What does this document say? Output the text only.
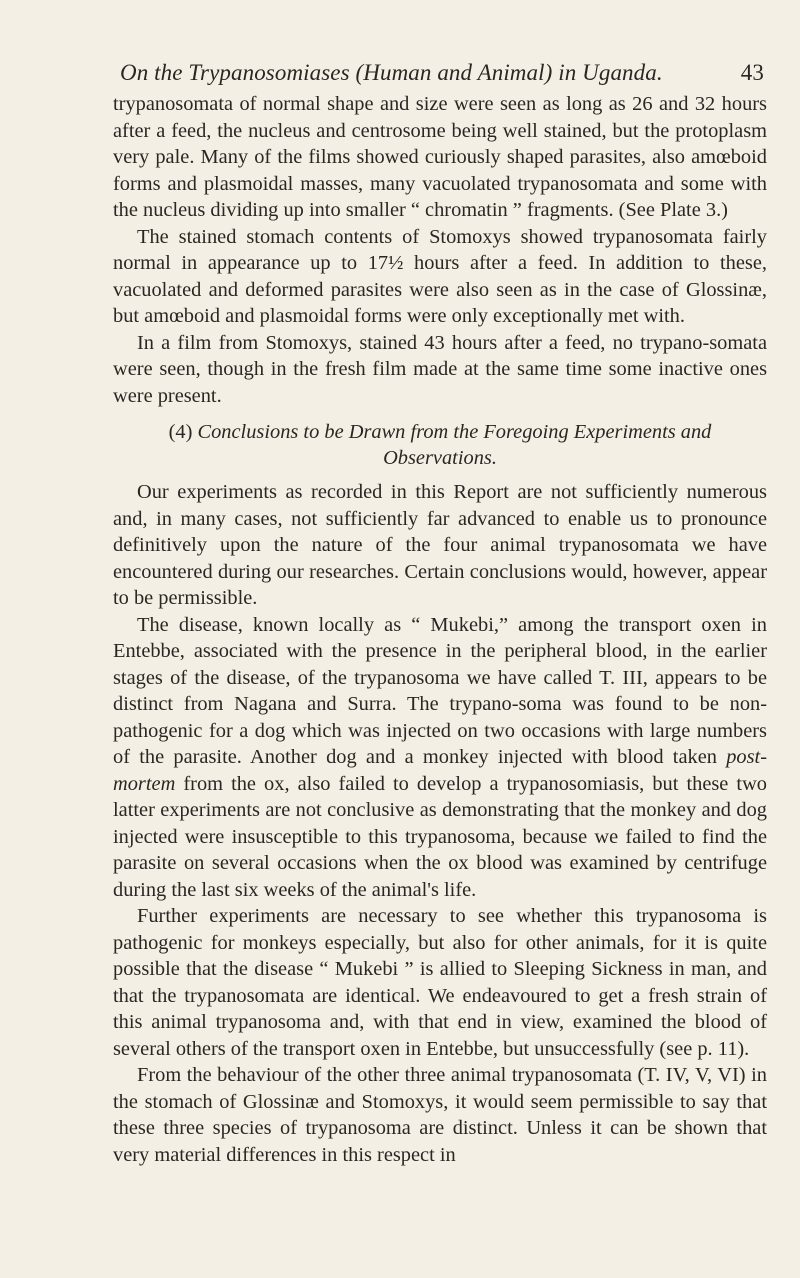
On the Trypanosomiases (Human and Animal) in Uganda.	43

trypanosomata of normal shape and size were seen as long as 26 and 32 hours after a feed, the nucleus and centrosome being well stained, but the protoplasm very pale. Many of the films showed curiously shaped parasites, also amœboid forms and plasmoidal masses, many vacuolated trypanosomata and some with the nucleus dividing up into smaller “ chromatin ” fragments. (See Plate 3.)

The stained stomach contents of Stomoxys showed trypanosomata fairly normal in appearance up to 17½ hours after a feed. In addition to these, vacuolated and deformed parasites were also seen as in the case of Glossinæ, but amœboid and plasmoidal forms were only exceptionally met with.

In a film from Stomoxys, stained 43 hours after a feed, no trypano-somata were seen, though in the fresh film made at the same time some inactive ones were present.

(4) Conclusions to be Drawn from the Foregoing Experiments and
Observations.

Our experiments as recorded in this Report are not sufficiently numerous and, in many cases, not sufficiently far advanced to enable us to pronounce definitively upon the nature of the four animal trypanosomata we have encountered during our researches. Certain conclusions would, however, appear to be permissible.

The disease, known locally as “ Mukebi,” among the transport oxen in Entebbe, associated with the presence in the peripheral blood, in the earlier stages of the disease, of the trypanosoma we have called T. III, appears to be distinct from Nagana and Surra. The trypano-soma was found to be non-pathogenic for a dog which was injected on two occasions with large numbers of the parasite. Another dog and a monkey injected with blood taken post-mortem from the ox, also failed to develop a trypanosomiasis, but these two latter experiments are not conclusive as demonstrating that the monkey and dog injected were insusceptible to this trypanosoma, because we failed to find the parasite on several occasions when the ox blood was examined by centrifuge during the last six weeks of the animal's life.

Further experiments are necessary to see whether this trypanosoma is pathogenic for monkeys especially, but also for other animals, for it is quite possible that the disease “ Mukebi ” is allied to Sleeping Sickness in man, and that the trypanosomata are identical. We endeavoured to get a fresh strain of this animal trypanosoma and, with that end in view, examined the blood of several others of the transport oxen in Entebbe, but unsuccessfully (see p. 11).

From the behaviour of the other three animal trypanosomata (T. IV, V, VI) in the stomach of Glossinæ and Stomoxys, it would seem permissible to say that these three species of trypanosoma are distinct. Unless it can be shown that very material differences in this respect in
